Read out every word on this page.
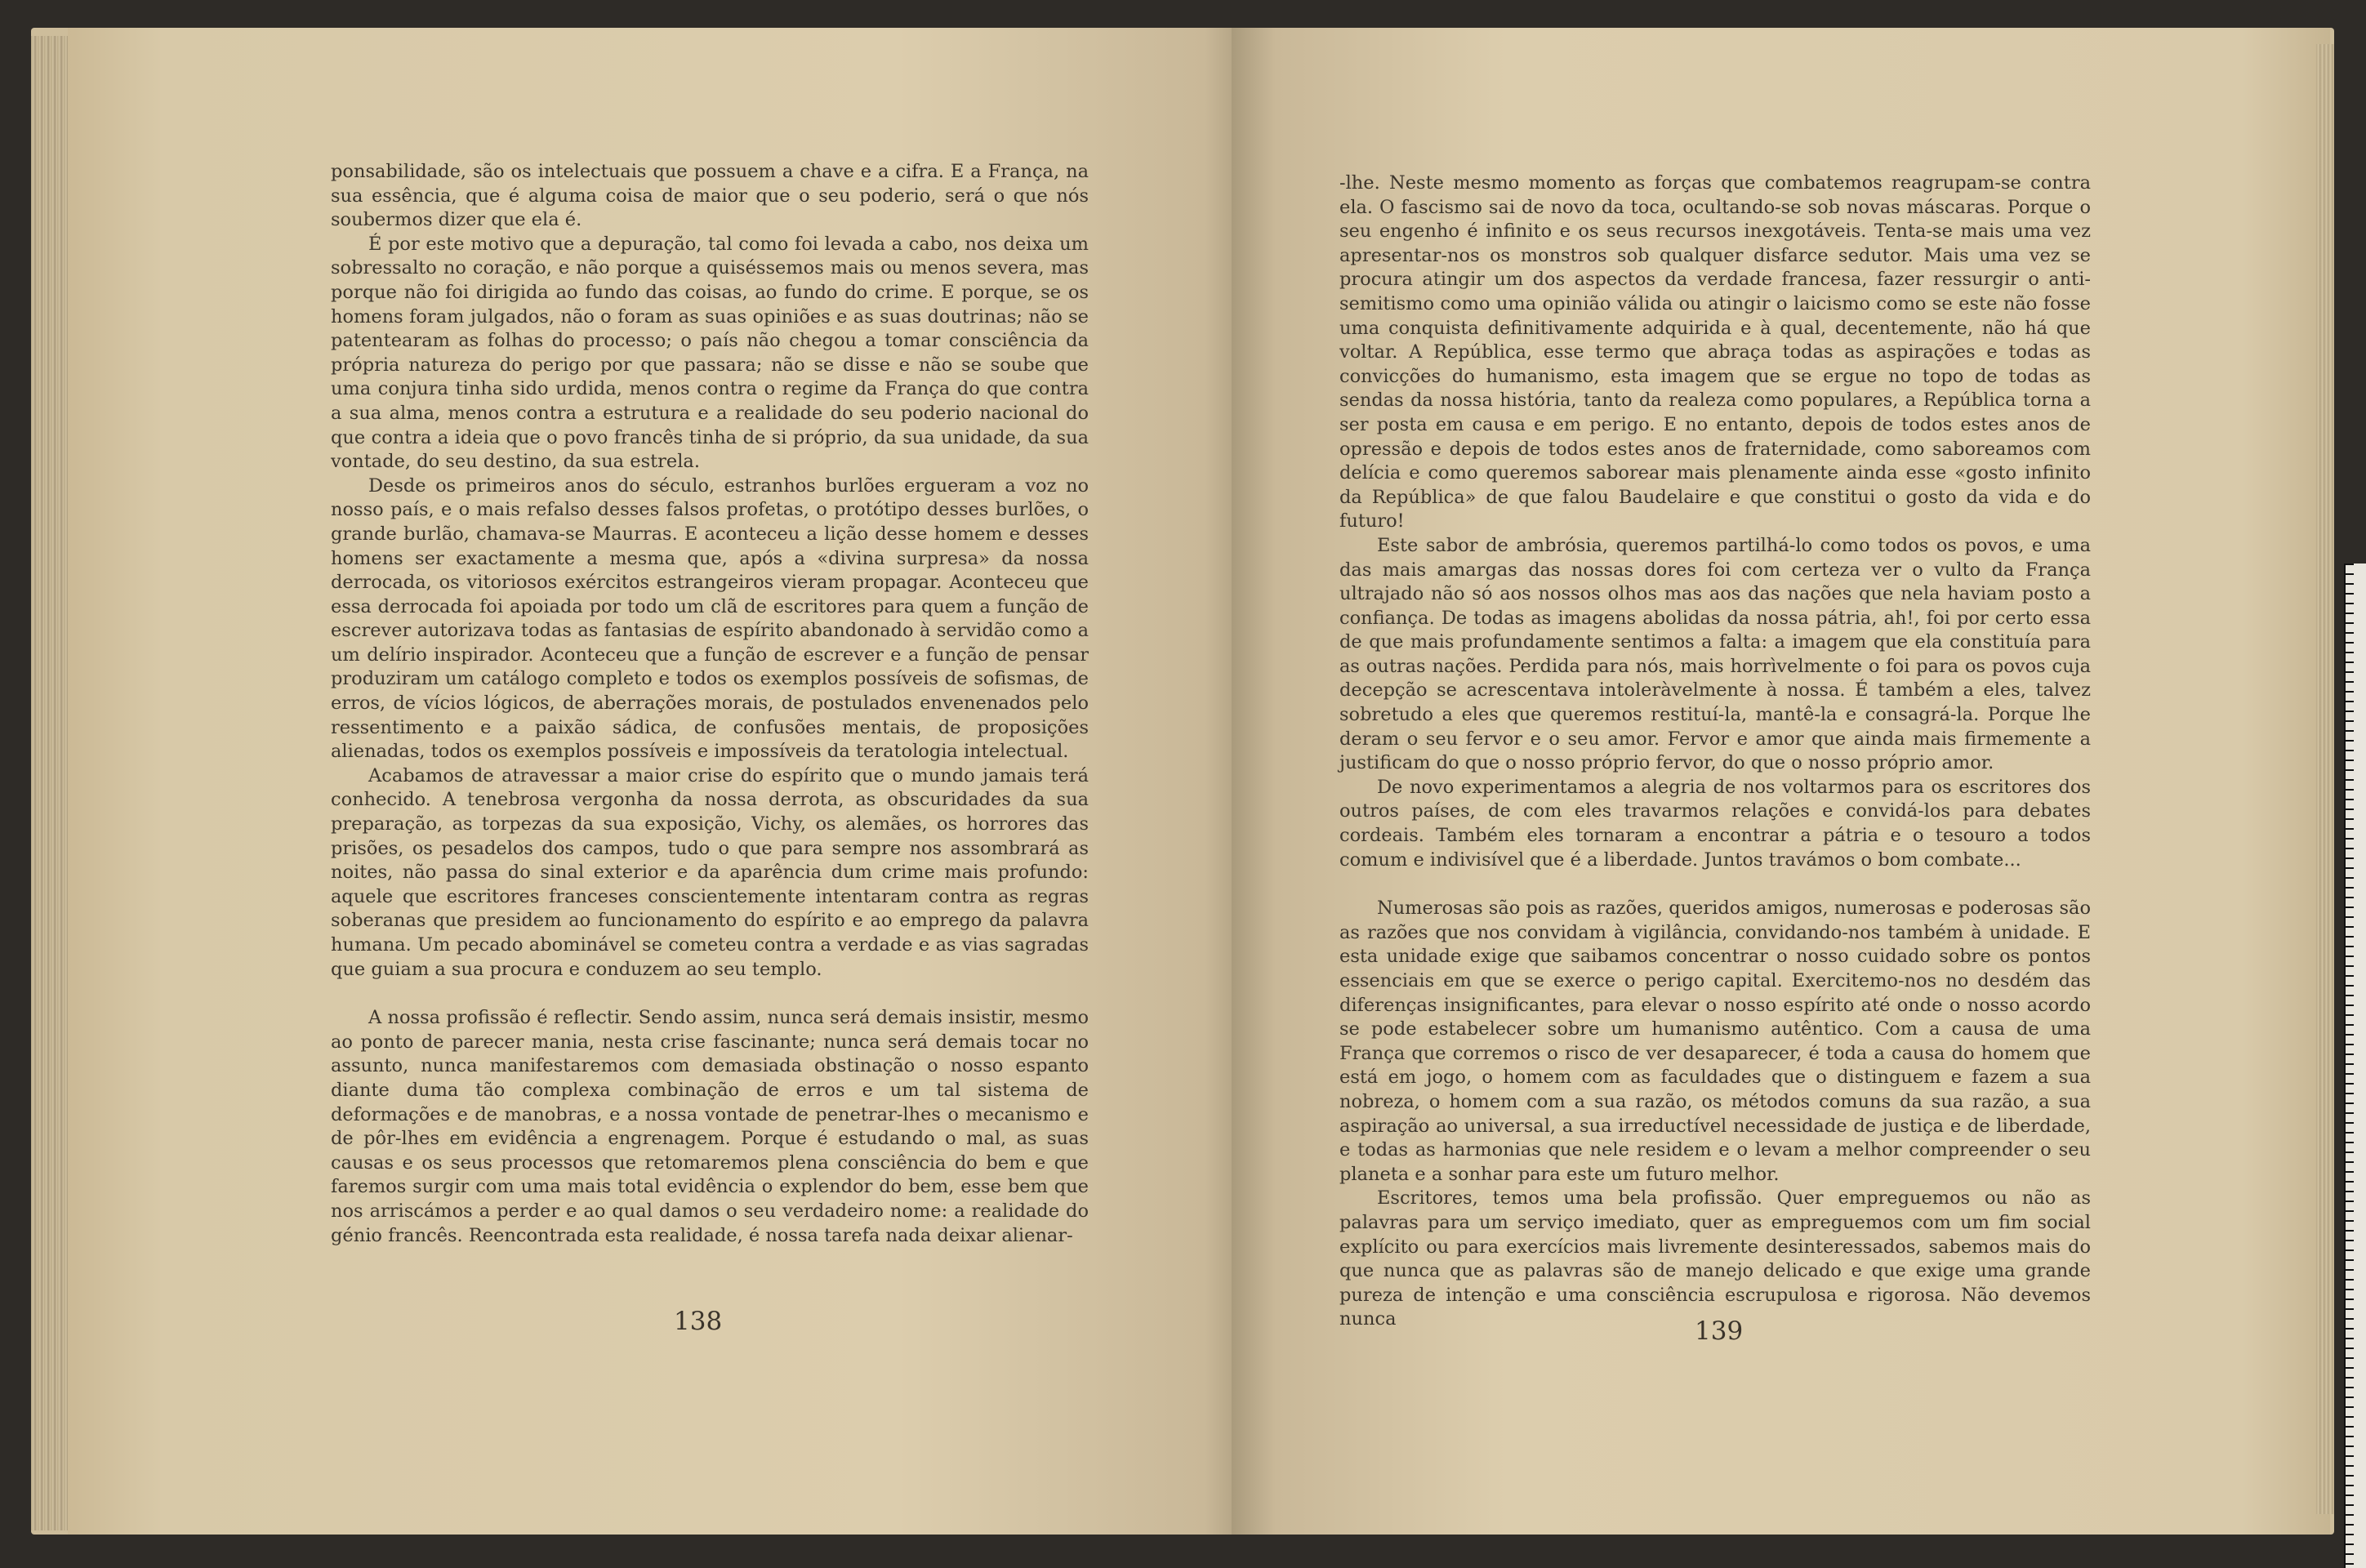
ponsabilidade, são os intelectuais que possuem a chave e a cifra. E a França, na sua essência, que é alguma coisa de maior que o seu poderio, será o que nós soubermos dizer que ela é.

É por este motivo que a depuração, tal como foi levada a cabo, nos deixa um sobressalto no coração, e não porque a quiséssemos mais ou menos severa, mas porque não foi dirigida ao fundo das coisas, ao fundo do crime. E porque, se os homens foram julgados, não o foram as suas opiniões e as suas doutrinas; não se patentearam as folhas do processo; o país não chegou a tomar consciência da própria natureza do perigo por que passara; não se disse e não se soube que uma conjura tinha sido urdida, menos contra o regime da França do que contra a sua alma, menos contra a estrutura e a realidade do seu poderio nacional do que contra a ideia que o povo francês tinha de si próprio, da sua unidade, da sua vontade, do seu destino, da sua estrela.

Desde os primeiros anos do século, estranhos burlões ergueram a voz no nosso país, e o mais refalso desses falsos profetas, o protótipo desses burlões, o grande burlão, chamava-se Maurras. E aconteceu a lição desse homem e desses homens ser exactamente a mesma que, após a «divina surpresa» da nossa derrocada, os vitoriosos exércitos estrangeiros vieram propagar. Aconteceu que essa derrocada foi apoiada por todo um clã de escritores para quem a função de escrever autorizava todas as fantasias de espírito abandonado à servidão como a um delírio inspirador. Aconteceu que a função de escrever e a função de pensar produziram um catálogo completo e todos os exemplos possíveis de sofismas, de erros, de vícios lógicos, de aberrações morais, de postulados envenenados pelo ressentimento e a paixão sádica, de confusões mentais, de proposições alienadas, todos os exemplos possíveis e impossíveis da teratologia intelectual.

Acabamos de atravessar a maior crise do espírito que o mundo jamais terá conhecido. A tenebrosa vergonha da nossa derrota, as obscuridades da sua preparação, as torpezas da sua exposição, Vichy, os alemães, os horrores das prisões, os pesadelos dos campos, tudo o que para sempre nos assombrará as noites, não passa do sinal exterior e da aparência dum crime mais profundo: aquele que escritores franceses conscientemente intentaram contra as regras soberanas que presidem ao funcionamento do espírito e ao emprego da palavra humana. Um pecado abominável se cometeu contra a verdade e as vias sagradas que guiam a sua procura e conduzem ao seu templo.

A nossa profissão é reflectir. Sendo assim, nunca será demais insistir, mesmo ao ponto de parecer mania, nesta crise fascinante; nunca será demais tocar no assunto, nunca manifestaremos com demasiada obstinação o nosso espanto diante duma tão complexa combinação de erros e um tal sistema de deformações e de manobras, e a nossa vontade de penetrar-lhes o mecanismo e de pôr-lhes em evidência a engrenagem. Porque é estudando o mal, as suas causas e os seus processos que retomaremos plena consciência do bem e que faremos surgir com uma mais total evidência o explendor do bem, esse bem que nos arriscámos a perder e ao qual damos o seu verdadeiro nome: a realidade do génio francês. Reencontrada esta realidade, é nossa tarefa nada deixar alienar-

138

-lhe. Neste mesmo momento as forças que combatemos reagrupam-se contra ela. O fascismo sai de novo da toca, ocultando-se sob novas máscaras. Porque o seu engenho é infinito e os seus recursos inexgotáveis. Tenta-se mais uma vez apresentar-nos os monstros sob qualquer disfarce sedutor. Mais uma vez se procura atingir um dos aspectos da verdade francesa, fazer ressurgir o anti-semitismo como uma opinião válida ou atingir o laicismo como se este não fosse uma conquista definitivamente adquirida e à qual, decentemente, não há que voltar. A República, esse termo que abraça todas as aspirações e todas as convicções do humanismo, esta imagem que se ergue no topo de todas as sendas da nossa história, tanto da realeza como populares, a República torna a ser posta em causa e em perigo. E no entanto, depois de todos estes anos de opressão e depois de todos estes anos de fraternidade, como saboreamos com delícia e como queremos saborear mais plenamente ainda esse «gosto infinito da República» de que falou Baudelaire e que constitui o gosto da vida e do futuro!

Este sabor de ambrósia, queremos partilhá-lo como todos os povos, e uma das mais amargas das nossas dores foi com certeza ver o vulto da França ultrajado não só aos nossos olhos mas aos das nações que nela haviam posto a confiança. De todas as imagens abolidas da nossa pátria, ah!, foi por certo essa de que mais profundamente sentimos a falta: a imagem que ela constituía para as outras nações. Perdida para nós, mais horrìvelmente o foi para os povos cuja decepção se acrescentava intoleràvelmente à nossa. É também a eles, talvez sobretudo a eles que queremos restituí-la, mantê-la e consagrá-la. Porque lhe deram o seu fervor e o seu amor. Fervor e amor que ainda mais firmemente a justificam do que o nosso próprio fervor, do que o nosso próprio amor.

De novo experimentamos a alegria de nos voltarmos para os escritores dos outros países, de com eles travarmos relações e convidá-los para debates cordeais. Também eles tornaram a encontrar a pátria e o tesouro a todos comum e indivisível que é a liberdade. Juntos travámos o bom combate...

Numerosas são pois as razões, queridos amigos, numerosas e poderosas são as razões que nos convidam à vigilância, convidando-nos também à unidade. E esta unidade exige que saibamos concentrar o nosso cuidado sobre os pontos essenciais em que se exerce o perigo capital. Exercitemo-nos no desdém das diferenças insignificantes, para elevar o nosso espírito até onde o nosso acordo se pode estabelecer sobre um humanismo autêntico. Com a causa de uma França que corremos o risco de ver desaparecer, é toda a causa do homem que está em jogo, o homem com as faculdades que o distinguem e fazem a sua nobreza, o homem com a sua razão, os métodos comuns da sua razão, a sua aspiração ao universal, a sua irreductível necessidade de justiça e de liberdade, e todas as harmonias que nele residem e o levam a melhor compreender o seu planeta e a sonhar para este um futuro melhor.

Escritores, temos uma bela profissão. Quer empreguemos ou não as palavras para um serviço imediato, quer as empreguemos com um fim social explícito ou para exercícios mais livremente desinteressados, sabemos mais do que nunca que as palavras são de manejo delicado e que exige uma grande pureza de intenção e uma consciência escrupulosa e rigorosa. Não devemos nunca	139
